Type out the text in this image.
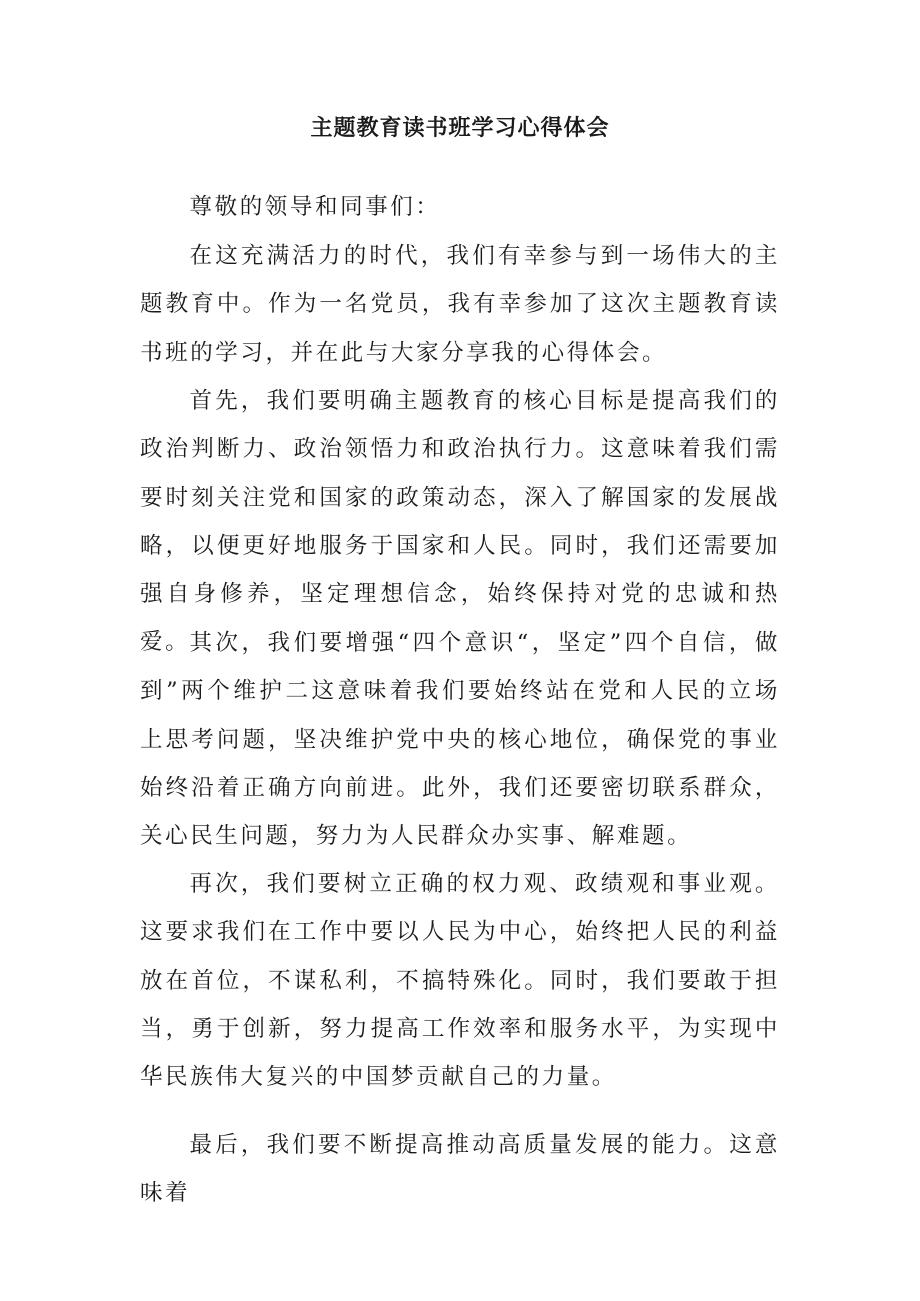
主题教育读书班学习心得体会

尊敬的领导和同事们：

在这充满活力的时代，我们有幸参与到一场伟大的主题教育中。作为一名党员，我有幸参加了这次主题教育读书班的学习，并在此与大家分享我的心得体会。

首先，我们要明确主题教育的核心目标是提高我们的政治判断力、政治领悟力和政治执行力。这意味着我们需要时刻关注党和国家的政策动态，深入了解国家的发展战略，以便更好地服务于国家和人民。同时，我们还需要加强自身修养，坚定理想信念，始终保持对党的忠诚和热爱。 其次，我们要增强“四个意识“，坚定”四个自信，做到”两个维护二这意味着我们要始终站在党和人民的立场上思考问题，坚决维护党中央的核心地位，确保党的事业始终沿着正确方向前进。此外，我们还要密切联系群众，关心民生问题，努力为人民群众办实事、解难题。

再次，我们要树立正确的权力观、政绩观和事业观。这要求我们在工作中要以人民为中心，始终把人民的利益放在首位，不谋私利，不搞特殊化。同时，我们要敢于担当，勇于创新，努力提高工作效率和服务水平，为实现中华民族伟大复兴的中国梦贡献自己的力量。

最后，我们要不断提高推动高质量发展的能力。这意味着
